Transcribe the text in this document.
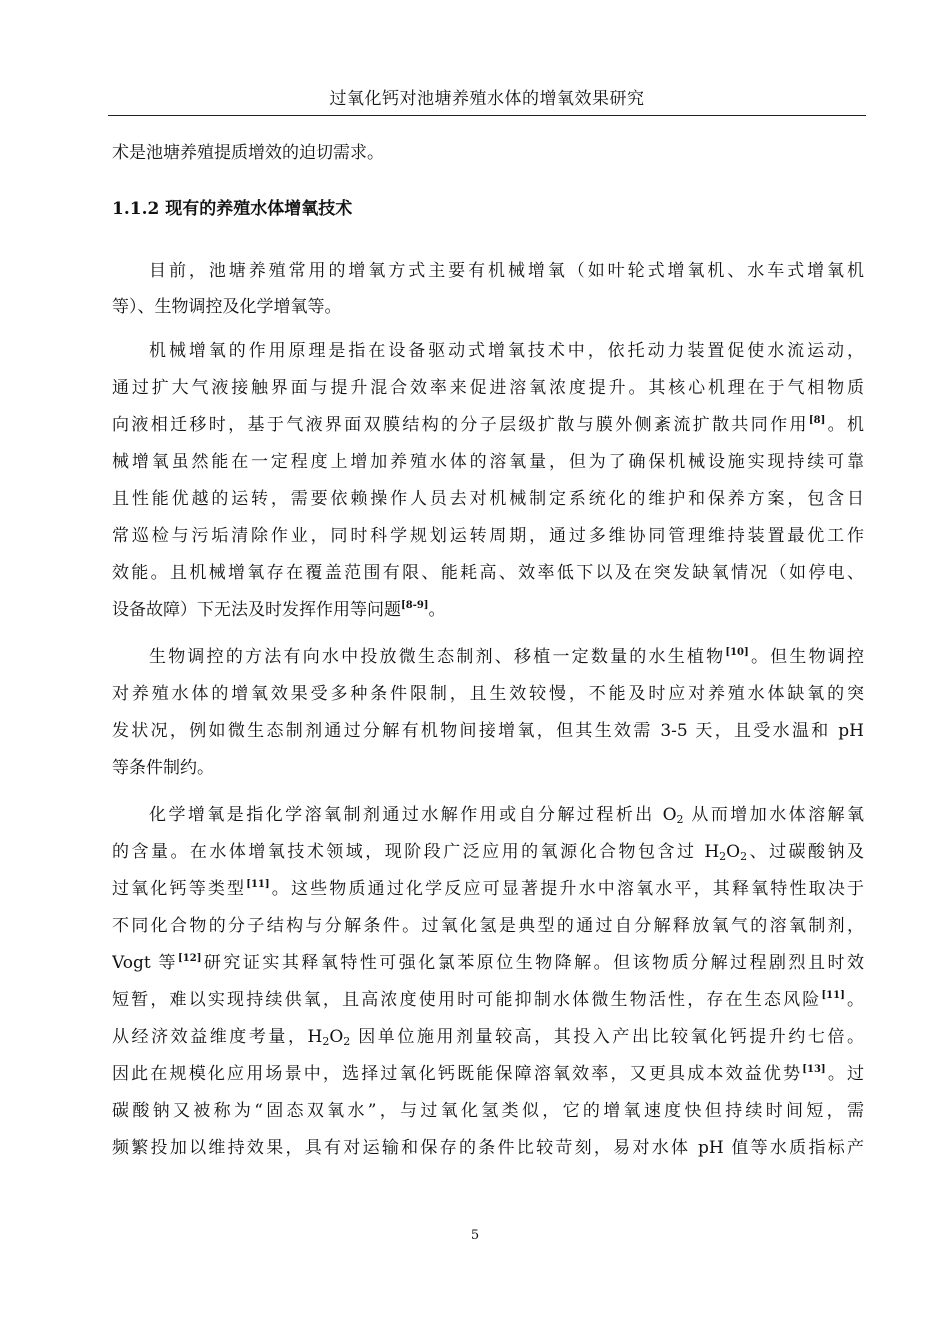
过氧化钙对池塘养殖水体的增氧效果研究
术是池塘养殖提质增效的迫切需求。
1.1.2 现有的养殖水体增氧技术
目前，池塘养殖常用的增氧方式主要有机械增氧（如叶轮式增氧机、水车式增氧机
等）、生物调控及化学增氧等。
机械增氧的作用原理是指在设备驱动式增氧技术中，依托动力装置促使水流运动，
通过扩大气液接触界面与提升混合效率来促进溶氧浓度提升。其核心机理在于气相物质
向液相迁移时，基于气液界面双膜结构的分子层级扩散与膜外侧紊流扩散共同作用[8]。机
械增氧虽然能在一定程度上增加养殖水体的溶氧量，但为了确保机械设施实现持续可靠
且性能优越的运转，需要依赖操作人员去对机械制定系统化的维护和保养方案，包含日
常巡检与污垢清除作业，同时科学规划运转周期，通过多维协同管理维持装置最优工作
效能。且机械增氧存在覆盖范围有限、能耗高、效率低下以及在突发缺氧情况（如停电、
设备故障）下无法及时发挥作用等问题[8-9]。
生物调控的方法有向水中投放微生态制剂、移植一定数量的水生植物[10]。但生物调控
对养殖水体的增氧效果受多种条件限制，且生效较慢，不能及时应对养殖水体缺氧的突
发状况，例如微生态制剂通过分解有机物间接增氧，但其生效需 3-5 天，且受水温和 pH
等条件制约。
化学增氧是指化学溶氧制剂通过水解作用或自分解过程析出 $O_2$ 从而增加水体溶解氧
的含量。在水体增氧技术领域，现阶段广泛应用的氧源化合物包含过 $H_2O_2$、过碳酸钠及
过氧化钙等类型[11]。这些物质通过化学反应可显著提升水中溶氧水平，其释氧特性取决于
不同化合物的分子结构与分解条件。过氧化氢是典型的通过自分解释放氧气的溶氧制剂，
Vogt 等[12]研究证实其释氧特性可强化氯苯原位生物降解。但该物质分解过程剧烈且时效
短暂，难以实现持续供氧，且高浓度使用时可能抑制水体微生物活性，存在生态风险[11]。
从经济效益维度考量，$H_2O_2$ 因单位施用剂量较高，其投入产出比较氧化钙提升约七倍。
因此在规模化应用场景中，选择过氧化钙既能保障溶氧效率，又更具成本效益优势[13]。过
碳酸钠又被称为“固态双氧水”，与过氧化氢类似，它的增氧速度快但持续时间短，需
频繁投加以维持效果，具有对运输和保存的条件比较苛刻，易对水体 pH 值等水质指标产
5
